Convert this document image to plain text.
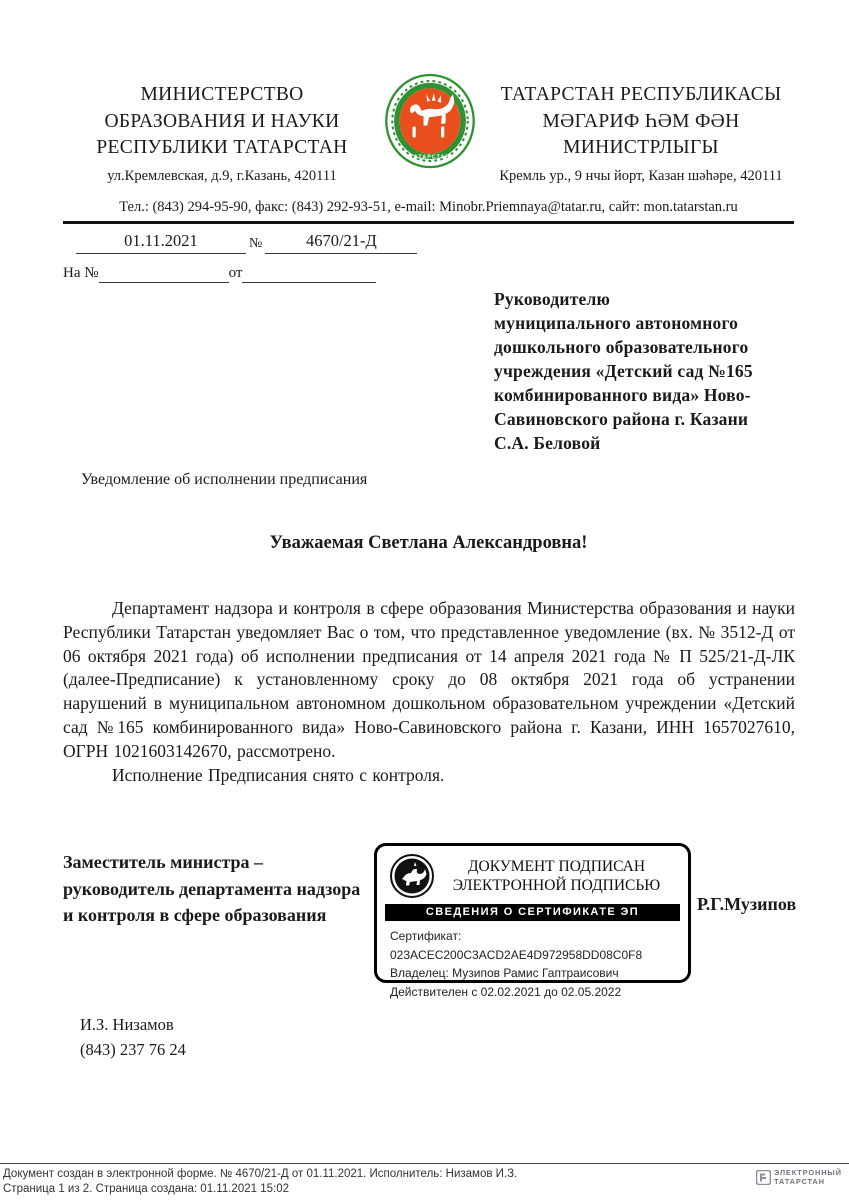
МИНИСТЕРСТВО
ОБРАЗОВАНИЯ И НАУКИ
РЕСПУБЛИКИ ТАТАРСТАН	ТАТАРСТАН
ТАТАРСТАН РЕСПУБЛИКАСЫ
МӘГАРИФ ҺӘМ ФӘН
МИНИСТРЛЫГЫ
ул.Кремлевская, д.9, г.Казань, 420111	Кремль ур., 9 нчы йорт, Казан шәһәре, 420111
Тел.: (843) 294-95-90, факс: (843) 292-93-51, e-mail: Minobr.Priemnaya@tatar.ru, сайт: mon.tatarstan.ru
01.11.2021	№	4670/21-Д
На №	от
Руководителю
муниципального автономного
дошкольного образовательного
учреждения «Детский сад №165
комбинированного вида» Ново-
Савиновского района г. Казани
С.А. Беловой
Уведомление об исполнении предписания
Уважаемая Светлана Александровна!

Департамент надзора и контроля в сфере образования Министерства образования и науки Республики Татарстан уведомляет Вас о том, что представленное уведомление (вх. № 3512-Д от 06 октября 2021 года) об исполнении предписания от 14 апреля 2021 года № П 525/21-Д-ЛК (далее-Предписание) к установленному сроку до 08 октября 2021 года об устранении нарушений в муниципальном автономном дошкольном образовательном учреждении «Детский сад №165 комбинированного вида» Ново-Савиновского района г. Казани, ИНН 1657027610, ОГРН 1021603142670, рассмотрено.

Исполнение Предписания снято с контроля.

Заместитель министра –
руководитель департамента надзора
и контроля в сфере образования
ДОКУМЕНТ ПОДПИСАН
ЭЛЕКТРОННОЙ ПОДПИСЬЮ
СВЕДЕНИЯ О СЕРТИФИКАТЕ ЭП
Сертификат: 023ACEC200C3ACD2AE4D972958DD08C0F8
Владелец: Музипов Рамис Гаптраисович
Действителен с 02.02.2021 до 02.05.2022
Р.Г.Музипов
И.З. Низамов
(843) 237 76 24
Документ создан в электронной форме. № 4670/21-Д от 01.11.2021. Исполнитель: Низамов И.З.
Страница 1 из 2. Страница создана: 01.11.2021 15:02
ЭЛЕКТРОННЫЙ
ТАТАРСТАН
